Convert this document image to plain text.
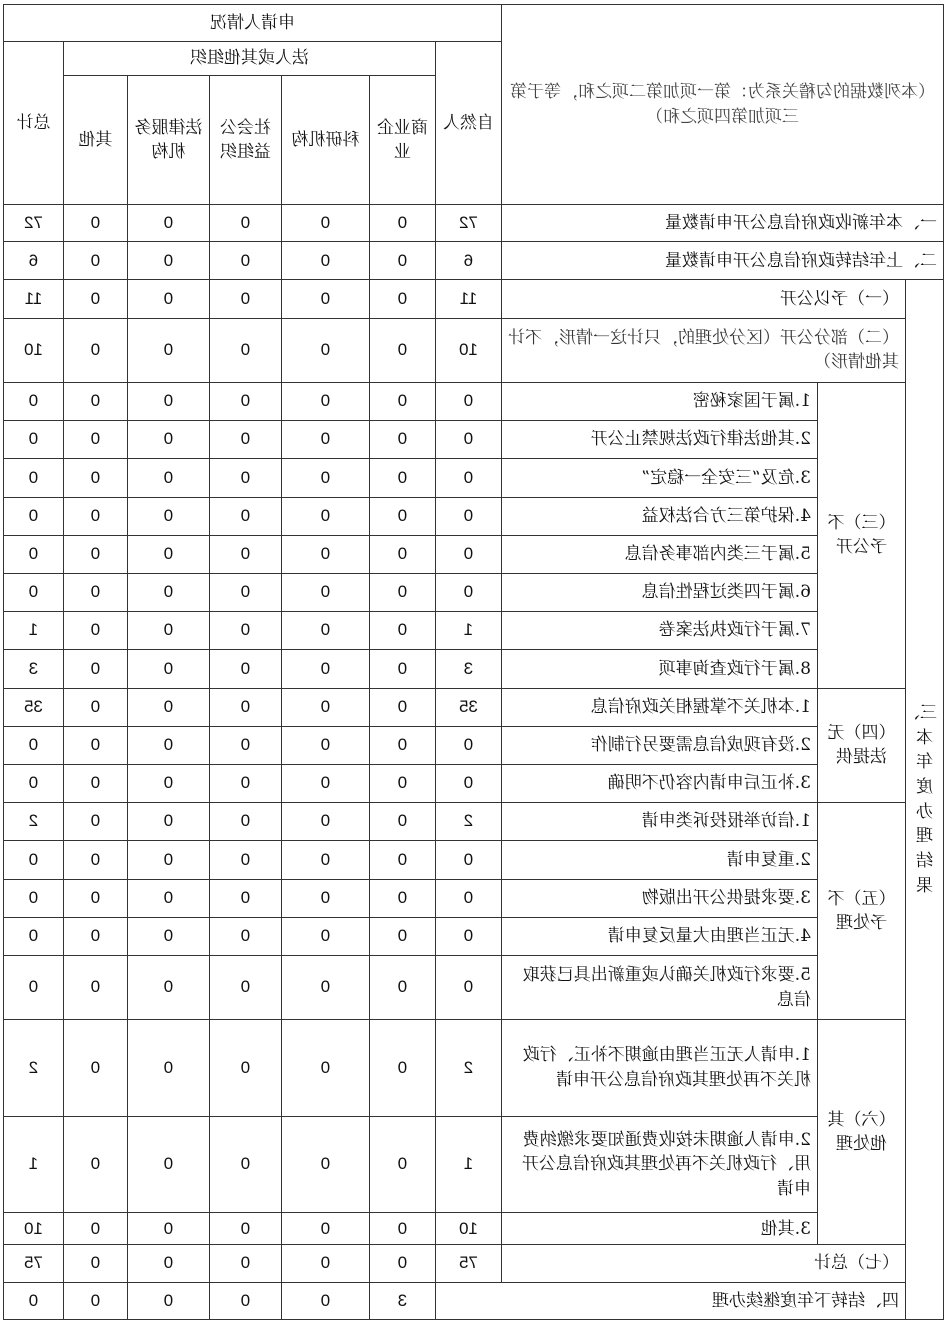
（本列数据的勾稽关系为：第一项加第二项之和，等于第三项加第四项之和）			申请人情况							
			自然人	法人或其他组织					总计	
				商业企业	科研机构	社会公益组织	法律服务机构	其他		
一、本年新收政府信息公开申请数量			72	0	0	0	0	0	72	
二、上年结转政府信息公开申请数量			6	0	0	0	0	0	6	
三、本年度办理结果	（一）予以公开		11	0	0	0	0	0	11	
	（二）部分公开（区分处理的，只计这一情形，不计其他情形）		10	0	0	0	0	0	10	
	（三）不予公开	1.属于国家秘密	0	0	0	0	0	0	0	
		2.其他法律行政法规禁止公开	0	0	0	0	0	0	0	
		3.危及“三安全一稳定”	0	0	0	0	0	0	0	
		4.保护第三方合法权益	0	0	0	0	0	0	0	
		5.属于三类内部事务信息	0	0	0	0	0	0	0	
		6.属于四类过程性信息	0	0	0	0	0	0	0	
		7.属于行政执法案卷	1	0	0	0	0	0	1	
		8.属于行政查询事项	3	0	0	0	0	0	3	
	（四）无法提供	1.本机关不掌握相关政府信息	35	0	0	0	0	0	35	
		2.没有现成信息需要另行制作	0	0	0	0	0	0	0	
		3.补正后申请内容仍不明确	0	0	0	0	0	0	0	
	（五）不予处理	1.信访举报投诉类申请	2	0	0	0	0	0	2	
		2.重复申请	0	0	0	0	0	0	0	
		3.要求提供公开出版物	0	0	0	0	0	0	0	
		4.无正当理由大量反复申请	0	0	0	0	0	0	0	
		5.要求行政机关确认或重新出具已获取信息	0	0	0	0	0	0	0	
	（六）其他处理	1.申请人无正当理由逾期不补正、行政机关不再处理其政府信息公开申请	2	0	0	0	0	0	2	
		2.申请人逾期未按收费通知要求缴纳费用、行政机关不再处理其政府信息公开申请	1	0	0	0	0	0	1	
		3.其他	10	0	0	0	0	0	10	
	（七）总计		75	0	0	0	0	0	75	
	四、结转下年度继续办理			3	0	0	0	0	0	
